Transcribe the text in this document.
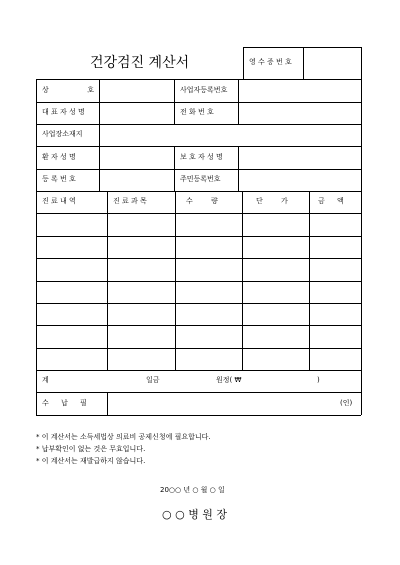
건강검진 계산서	영 수 증 번 호
상 호	사업자등록번호
대 표 자 성 명	전 화 번 호
사업장소재지
환 자 성 명	보 호 자 성 명
등 록 번 호	주민등록번호
진 료 내 역	진 료 과 목	수 량	단 가	금 액
계	일금	원정( ₩	)
수 납 필	(인)
* 이 계산서는 소득세법상 의료비 공제신청에 필요합니다.
* 납부확인이 없는 것은 무효입니다.
* 이 계산서는 재발급하지 않습니다.
20○○ 년 ○ 월 ○ 일
○ ○ 병 원 장
